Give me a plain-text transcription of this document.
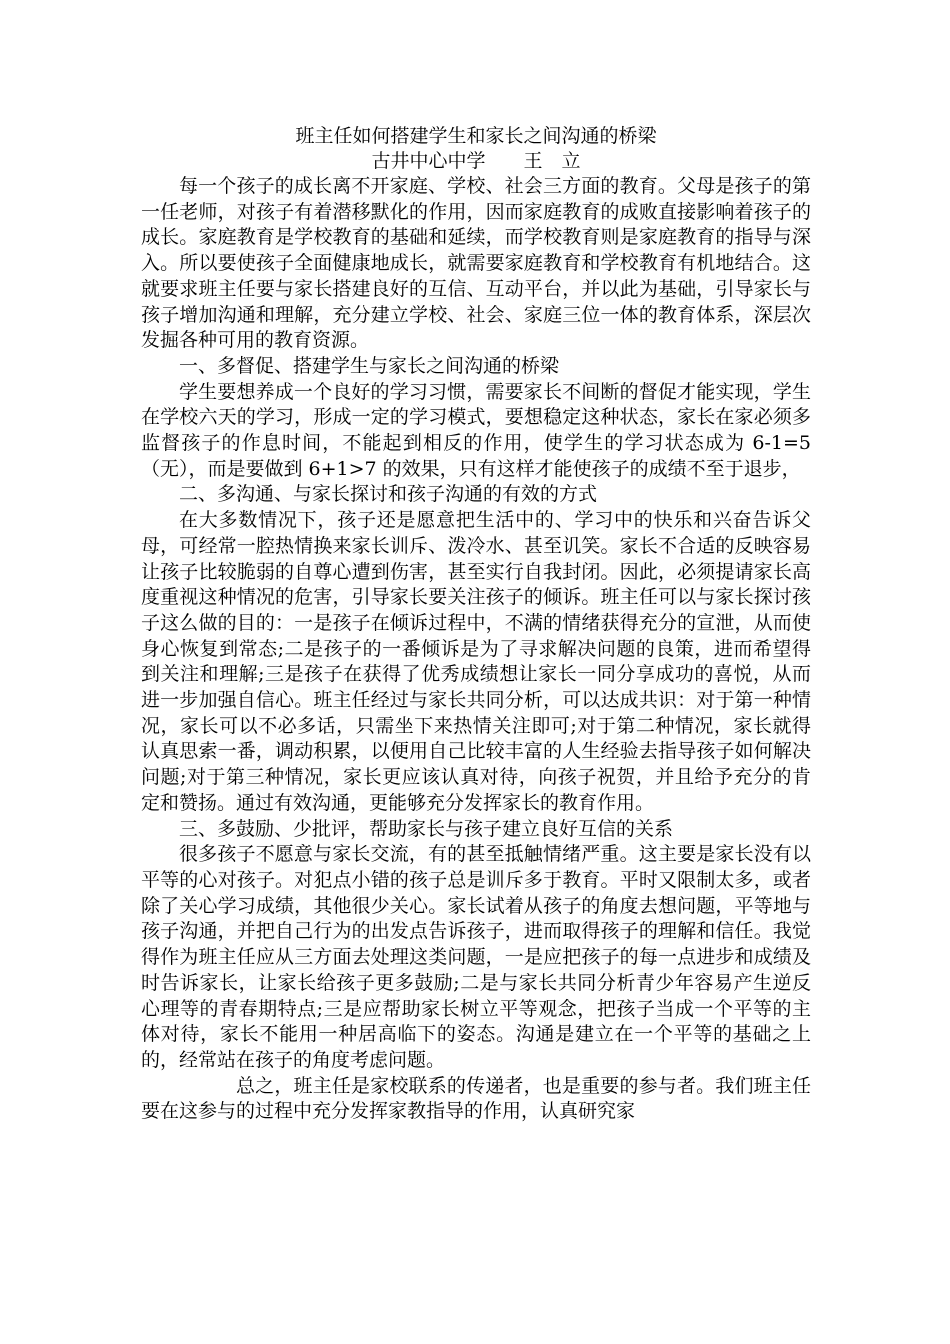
班主任如何搭建学生和家长之间沟通的桥梁

古井中心中学　　王　立

每一个孩子的成长离不开家庭、学校、社会三方面的教育。父母是孩子的第一任老师，对孩子有着潜移默化的作用，因而家庭教育的成败直接影响着孩子的成长。家庭教育是学校教育的基础和延续，而学校教育则是家庭教育的指导与深入。所以要使孩子全面健康地成长，就需要家庭教育和学校教育有机地结合。这就要求班主任要与家长搭建良好的互信、互动平台，并以此为基础，引导家长与孩子增加沟通和理解，充分建立学校、社会、家庭三位一体的教育体系，深层次发掘各种可用的教育资源。

一、多督促、搭建学生与家长之间沟通的桥梁

学生要想养成一个良好的学习习惯，需要家长不间断的督促才能实现，学生在学校六天的学习，形成一定的学习模式，要想稳定这种状态，家长在家必须多监督孩子的作息时间，不能起到相反的作用，使学生的学习状态成为 6-1=5（无），而是要做到 6+1>7 的效果，只有这样才能使孩子的成绩不至于退步，

二、多沟通、与家长探讨和孩子沟通的有效的方式

在大多数情况下，孩子还是愿意把生活中的、学习中的快乐和兴奋告诉父母，可经常一腔热情换来家长训斥、泼冷水、甚至讥笑。家长不合适的反映容易让孩子比较脆弱的自尊心遭到伤害，甚至实行自我封闭。因此，必须提请家长高度重视这种情况的危害，引导家长要关注孩子的倾诉。班主任可以与家长探讨孩子这么做的目的：一是孩子在倾诉过程中，不满的情绪获得充分的宣泄，从而使身心恢复到常态;二是孩子的一番倾诉是为了寻求解决问题的良策，进而希望得到关注和理解;三是孩子在获得了优秀成绩想让家长一同分享成功的喜悦，从而进一步加强自信心。班主任经过与家长共同分析，可以达成共识：对于第一种情况，家长可以不必多话，只需坐下来热情关注即可;对于第二种情况，家长就得认真思索一番，调动积累，以便用自己比较丰富的人生经验去指导孩子如何解决问题;对于第三种情况，家长更应该认真对待，向孩子祝贺，并且给予充分的肯定和赞扬。通过有效沟通，更能够充分发挥家长的教育作用。

三、多鼓励、少批评，帮助家长与孩子建立良好互信的关系

很多孩子不愿意与家长交流，有的甚至抵触情绪严重。这主要是家长没有以平等的心对孩子。对犯点小错的孩子总是训斥多于教育。平时又限制太多，或者除了关心学习成绩，其他很少关心。家长试着从孩子的角度去想问题，平等地与孩子沟通，并把自己行为的出发点告诉孩子，进而取得孩子的理解和信任。我觉得作为班主任应从三方面去处理这类问题，一是应把孩子的每一点进步和成绩及时告诉家长，让家长给孩子更多鼓励;二是与家长共同分析青少年容易产生逆反心理等的青春期特点;三是应帮助家长树立平等观念，把孩子当成一个平等的主体对待，家长不能用一种居高临下的姿态。沟通是建立在一个平等的基础之上的，经常站在孩子的角度考虑问题。

总之，班主任是家校联系的传递者，也是重要的参与者。我们班主任要在这参与的过程中充分发挥家教指导的作用，认真研究家
